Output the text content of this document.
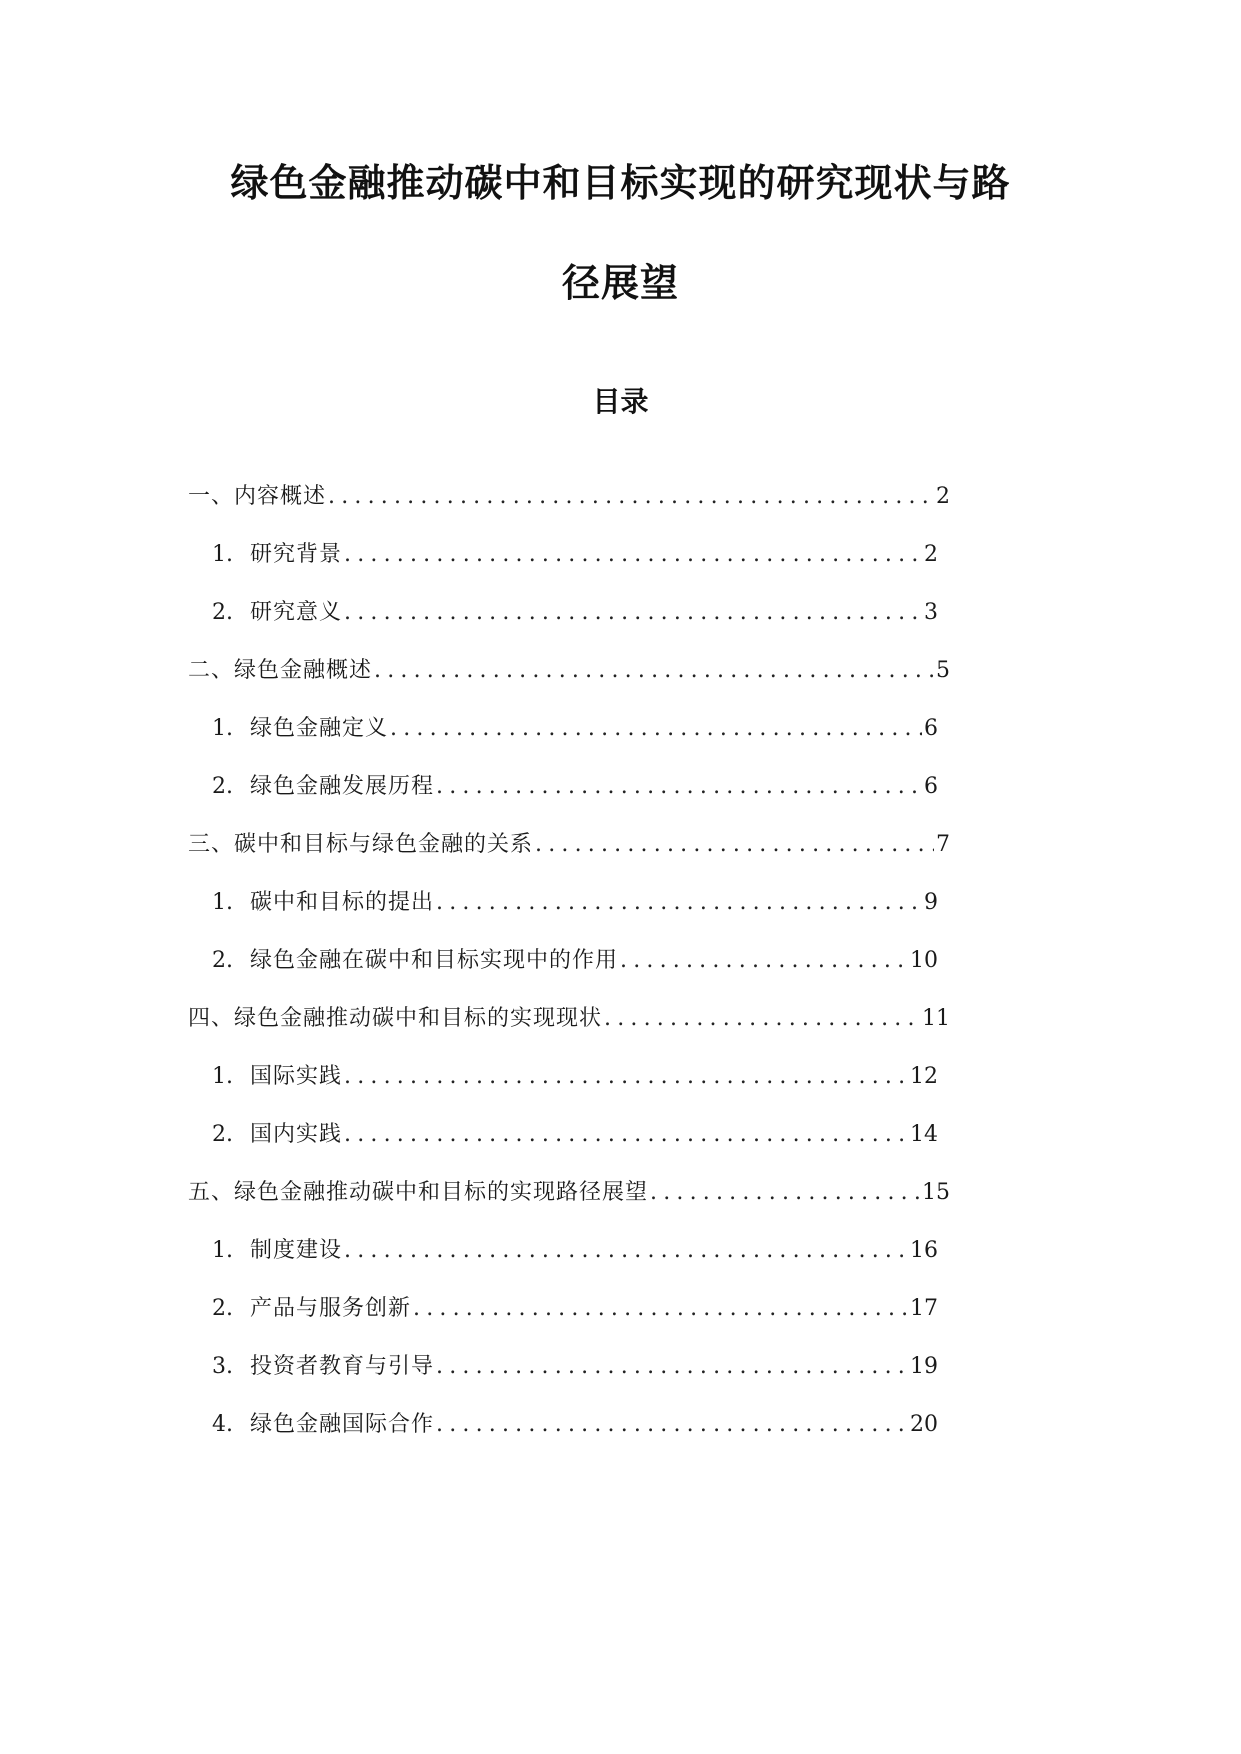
绿色金融推动碳中和目标实现的研究现状与路
径展望
目录
一、内容概述 .....	2
1. 研究背景 .....	2
2. 研究意义 .....	3
二、绿色金融概述 .....	5
1. 绿色金融定义 .....	6
2. 绿色金融发展历程 .....	6
三、碳中和目标与绿色金融的关系 .....	7
1. 碳中和目标的提出 .....	9
2. 绿色金融在碳中和目标实现中的作用 .....	10
四、绿色金融推动碳中和目标的实现现状 .....	11
1. 国际实践 .....	12
2. 国内实践 .....	14
五、绿色金融推动碳中和目标的实现路径展望 .....	15
1. 制度建设 .....	16
2. 产品与服务创新 .....	17
3. 投资者教育与引导 .....	19
4. 绿色金融国际合作 .....	20
